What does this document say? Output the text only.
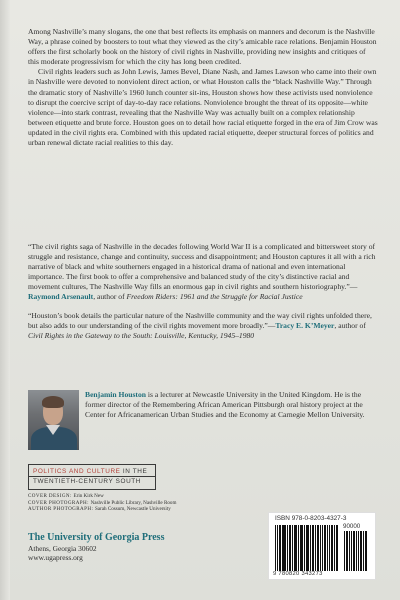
Among Nashville’s many slogans, the one that best reflects its emphasis on manners and decorum is the Nashville Way, a phrase coined by boosters to tout what they viewed as the city’s amicable race relations. Benjamin Houston offers the first scholarly book on the history of civil rights in Nashville, providing new insights and critiques of this moderate progressivism for which the city has long been credited.

Civil rights leaders such as John Lewis, James Bevel, Diane Nash, and James Lawson who came into their own in Nashville were devoted to nonviolent direct action, or what Houston calls the “black Nashville Way.” Through the dramatic story of Nashville’s 1960 lunch counter sit-ins, Houston shows how these activists used nonviolence to disrupt the coercive script of day-to-day race relations. Nonviolence brought the threat of its opposite—white violence—into stark contrast, revealing that the Nashville Way was actually built on a complex relationship between etiquette and brute force. Houston goes on to detail how racial etiquette forged in the era of Jim Crow was updated in the civil rights era. Combined with this updated racial etiquette, deeper structural forces of politics and urban renewal dictate racial realities to this day.

“The civil rights saga of Nashville in the decades following World War II is a complicated and bittersweet story of struggle and resistance, change and continuity, success and disappointment; and Houston captures it all with a rich narrative of black and white southerners engaged in a historical drama of national and even international importance. The first book to offer a comprehensive and balanced study of the city’s distinctive racial and movement cultures, The Nashville Way fills an enormous gap in civil rights and southern historiography.”—Raymond Arsenault, author of Freedom Riders: 1961 and the Struggle for Racial Justice
“Houston’s book details the particular nature of the Nashville community and the way civil rights unfolded there, but also adds to our understanding of the civil rights movement more broadly.”—Tracy E. K’Meyer, author of Civil Rights in the Gateway to the South: Louisville, Kentucky, 1945–1980
Benjamin Houston is a lecturer at Newcastle University in the United Kingdom. He is the former director of the Remembering African American Pittsburgh oral history project at the Center for Africanamerican Urban Studies and the Economy at Carnegie Mellon University.
POLITICS AND CULTURE IN THE
TWENTIETH-CENTURY SOUTH
COVER DESIGN: Erin Kirk New
COVER PHOTOGRAPH: Nashville Public Library, Nashville Room
AUTHOR PHOTOGRAPH: Sarah Cossum, Newcastle University
The University of Georgia Press
Athens, Georgia 30602
www.ugapress.org
ISBN 978-0-8203-4327-3
90000
9 780820 343273
